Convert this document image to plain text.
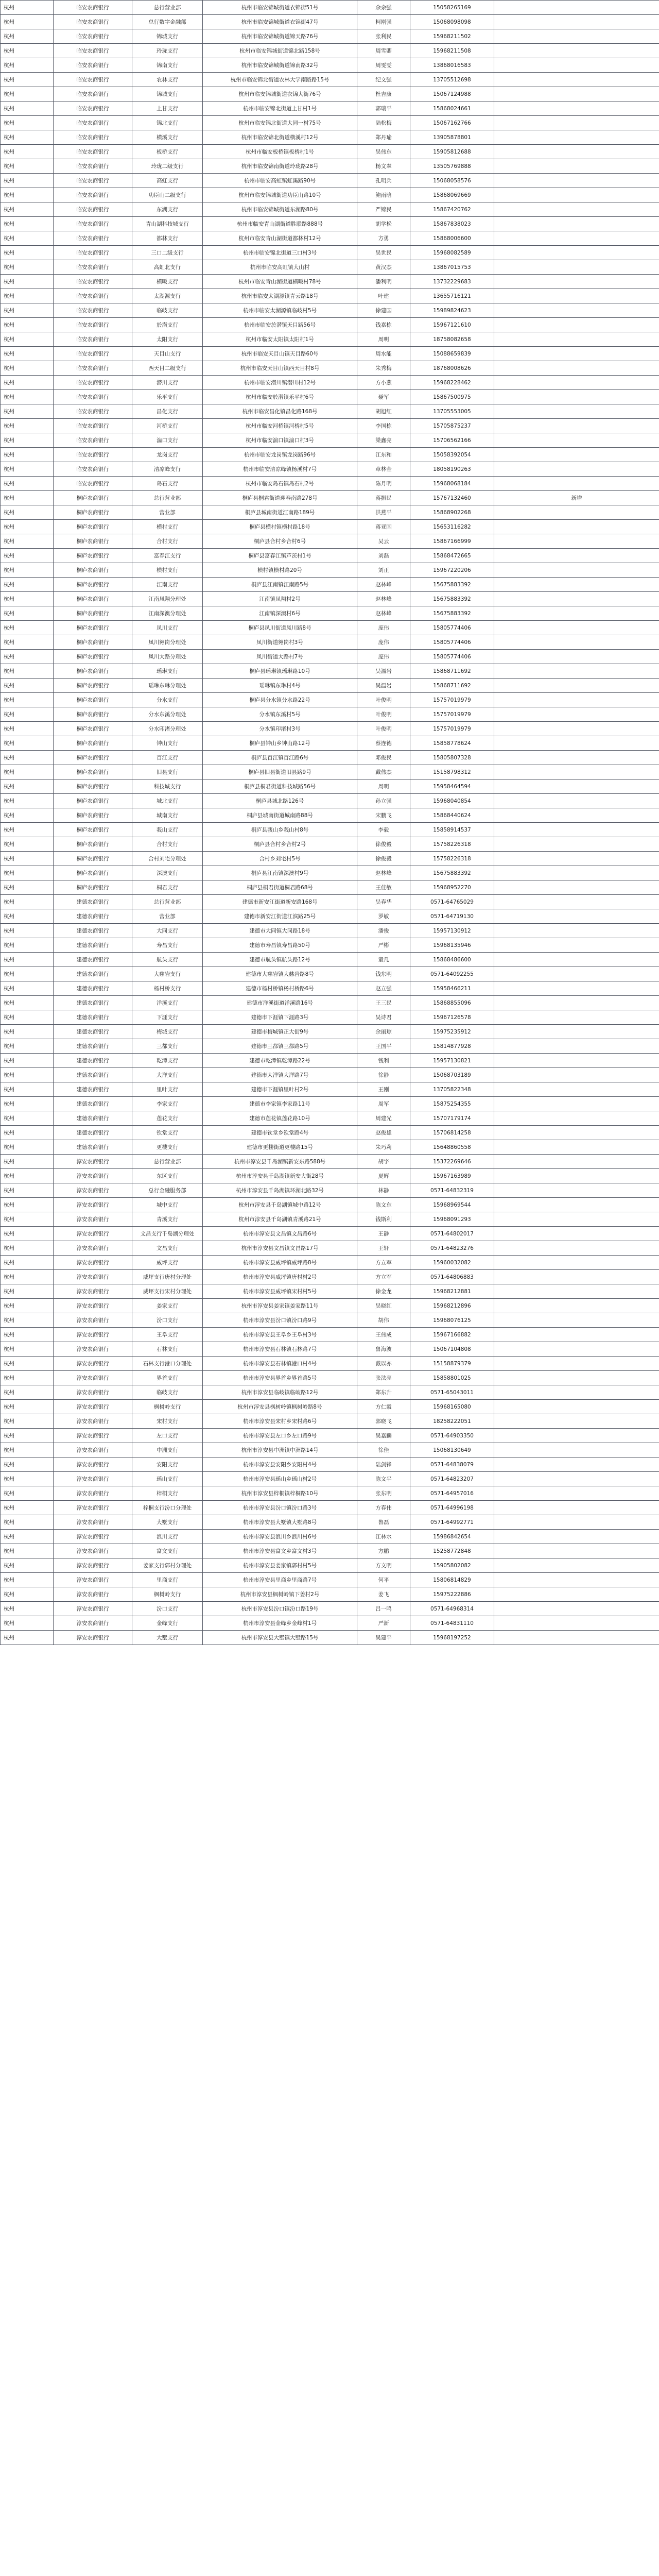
杭州	临安农商银行	总行营业部	杭州市临安锦城街道衣锦街51号	余余强	15058265169	
杭州	临安农商银行	总行数字金融部	杭州市临安锦城街道衣锦街47号	柯刚强	15068098098	
杭州	临安农商银行	锦城支行	杭州市临安锦城街道锦天路76号	张利民	15968211502	
杭州	临安农商银行	玲珑支行	杭州市临安锦城街道锦北路158号	周雪卿	15968211508	
杭州	临安农商银行	锦南支行	杭州市临安锦城街道锦南路32号	周雯雯	13868016583	
杭州	临安农商银行	农林支行	杭州市临安锦北街道农林大学南路路15号	纪文强	13705512698	
杭州	临安农商银行	锦城支行	杭州市临安锦城街道衣锦大街76号	杜吉康	15067124988	
杭州	临安农商银行	上甘支行	杭州市临安锦北街道上甘村1号	郭瑞平	15868024661	
杭州	临安农商银行	锦北支行	杭州市临安锦北街道大同一村75号	陆松梅	15067162766	
杭州	临安农商银行	横溪支行	杭州市临安锦北街道横溪村12号	郑丹瑜	13905878801	
杭州	临安农商银行	板桥支行	杭州市临安板桥镇板桥村1号	吴伟东	15905812688	
杭州	临安农商银行	玲珑二级支行	杭州市临安锦南街道玲珑路28号	杨文翠	13505769888	
杭州	临安农商银行	高虹支行	杭州市临安高虹镇虹溪路90号	孔明兵	15068058576	
杭州	临安农商银行	功臣山二级支行	杭州市临安锦城街道功臣山路10号	鲍雨晗	15868069669	
杭州	临安农商银行	东湖支行	杭州市临安锦城街道东湖路80号	严锦民	15867420762	
杭州	临安农商银行	青山湖科技城支行	杭州市临安青山湖街道胜联路888号	胡学松	15867838023	
杭州	临安农商银行	都林支行	杭州市临安青山湖街道都林村12号	方勇	15868006600	
杭州	临安农商银行	三口二级支行	杭州市临安锦北街道三口村3号	吴世民	15968082589	
杭州	临安农商银行	高虹北支行	杭州市临安高虹镇大山村	黄汉杰	13867015753	
杭州	临安农商银行	横畈支行	杭州市临安青山湖街道横畈村78号	潘利明	13732229683	
杭州	临安农商银行	太湖源支行	杭州市临安太湖源镇青云路18号	叶建	13655716121	
杭州	临安农商银行	临岐支行	杭州市临安太湖源镇临岐村5号	徐建国	15989824623	
杭州	临安农商银行	於潜支行	杭州市临安於潜镇天目路56号	钱嘉栋	15967121610	
杭州	临安农商银行	太阳支行	杭州市临安太阳镇太阳村1号	周明	18758082658	
杭州	临安农商银行	天目山支行	杭州市临安天目山镇天目路60号	周水能	15088659839	
杭州	临安农商银行	西天目二级支行	杭州市临安天目山镇西天目村8号	朱秀梅	18768008626	
杭州	临安农商银行	潜川支行	杭州市临安潜川镇潜川村12号	方小燕	15968228462	
杭州	临安农商银行	乐平支行	杭州市临安於潜镇乐平村6号	聂军	15867500975	
杭州	临安农商银行	昌化支行	杭州市临安昌化镇昌化路168号	胡旭红	13705553005	
杭州	临安农商银行	河桥支行	杭州市临安河桥镇河桥村5号	李国栋	15705875237	
杭州	临安农商银行	湍口支行	杭州市临安湍口镇湍口村3号	梁鑫亮	15706562166	
杭州	临安农商银行	龙岗支行	杭州市临安龙岗镇龙岗路96号	江东和	15058392054	
杭州	临安农商银行	清凉峰支行	杭州市临安清凉峰镇杨溪村7号	章林金	18058190263	
杭州	临安农商银行	岛石支行	杭州市临安岛石镇岛石村2号	陈月明	15968068184	
杭州	桐庐农商银行	总行营业部	桐庐县桐君街道迎春南路278号	蒋振民	15767132460	新增
杭州	桐庐农商银行	营业部	桐庐县城南街道江南路189号	洪燕平	15868902268	
杭州	桐庐农商银行	横村支行	桐庐县横村镇横村路18号	蒋亚国	15653116282	
杭州	桐庐农商银行	合村支行	桐庐县合村乡合村6号	吴云	15867166999	
杭州	桐庐农商银行	富春江支行	桐庐县富春江镇芦茨村1号	刘磊	15868472665	
杭州	桐庐农商银行	横村支行	横村镇横村路20号	刘正	15967220206	
杭州	桐庐农商银行	江南支行	桐庐县江南镇江南路5号	赵林峰	15675883392	
杭州	桐庐农商银行	江南凤翔分理处	江南镇凤翔村2号	赵林峰	15675883392	
杭州	桐庐农商银行	江南深澳分理处	江南镇深澳村6号	赵林峰	15675883392	
杭州	桐庐农商银行	凤川支行	桐庐县凤川街道凤川路8号	庞伟	15805774406	
杭州	桐庐农商银行	凤川翙岗分理处	凤川街道翙岗村3号	庞伟	15805774406	
杭州	桐庐农商银行	凤川大路分理处	凤川街道大路村7号	庞伟	15805774406	
杭州	桐庐农商银行	瑶琳支行	桐庐县瑶琳镇瑶琳路10号	吴温岩	15868711692	
杭州	桐庐农商银行	瑶琳东琳分理处	瑶琳镇东琳村4号	吴温岩	15868711692	
杭州	桐庐农商银行	分水支行	桐庐县分水镇分水路22号	叶俊明	15757019979	
杭州	桐庐农商银行	分水东溪分理处	分水镇东溪村5号	叶俊明	15757019979	
杭州	桐庐农商银行	分水印渚分理处	分水镇印渚村3号	叶俊明	15757019979	
杭州	桐庐农商银行	钟山支行	桐庐县钟山乡钟山路12号	蔡连德	15858778624	
杭州	桐庐农商银行	百江支行	桐庐县百江镇百江路6号	邓俊民	15805807328	
杭州	桐庐农商银行	旧县支行	桐庐县旧县街道旧县路9号	戴伟杰	15158798312	
杭州	桐庐农商银行	科技城支行	桐庐县桐君街道科技城路56号	周明	15958464594	
杭州	桐庐农商银行	城北支行	桐庐县城北路126号	孙立强	15968040854	
杭州	桐庐农商银行	城南支行	桐庐县城南街道城南路88号	宋鹏飞	15868440624	
杭州	桐庐农商银行	莪山支行	桐庐县莪山乡莪山村8号	李毅	15858914537	
杭州	桐庐农商银行	合村支行	桐庐县合村乡合村2号	徐俊毅	15758226318	
杭州	桐庐农商银行	合村刘宅分理处	合村乡刘宅村5号	徐俊毅	15758226318	
杭州	桐庐农商银行	深澳支行	桐庐县江南镇深澳村9号	赵林峰	15675883392	
杭州	桐庐农商银行	桐君支行	桐庐县桐君街道桐君路68号	王佳敏	15968952270	
杭州	建德农商银行	总行营业部	建德市新安江街道新安路168号	吴春华	0571-64765029	
杭州	建德农商银行	营业部	建德市新安江街道江滨路25号	罗敏	0571-64719130	
杭州	建德农商银行	大同支行	建德市大同镇大同路18号	潘俊	15957130912	
杭州	建德农商银行	寿昌支行	建德市寿昌镇寿昌路50号	严彬	15968135946	
杭州	建德农商银行	航头支行	建德市航头镇航头路12号	童几	15868486600	
杭州	建德农商银行	大慈岩支行	建德市大慈岩镇大慈岩路8号	钱东明	0571-64092255	
杭州	建德农商银行	杨村桥支行	建德市杨村桥镇杨村桥路6号	赵立强	15958466211	
杭州	建德农商银行	洋溪支行	建德市洋溪街道洋溪路16号	王三民	15868855096	
杭州	建德农商银行	下涯支行	建德市下涯镇下涯路3号	吴诗君	15967126578	
杭州	建德农商银行	梅城支行	建德市梅城镇正大街9号	余丽琼	15975235912	
杭州	建德农商银行	三都支行	建德市三都镇三都路5号	王国平	15814877928	
杭州	建德农商银行	乾潭支行	建德市乾潭镇乾潭路22号	钱利	15957130821	
杭州	建德农商银行	大洋支行	建德市大洋镇大洋路7号	徐静	15068703189	
杭州	建德农商银行	里叶支行	建德市下涯镇里叶村2号	王刚	13705822348	
杭州	建德农商银行	李家支行	建德市李家镇李家路11号	周军	15875254355	
杭州	建德农商银行	莲花支行	建德市莲花镇莲花路10号	周建光	15707179174	
杭州	建德农商银行	钦堂支行	建德市钦堂乡钦堂路4号	赵俊雄	15706814258	
杭州	建德农商银行	更楼支行	建德市更楼街道更楼路15号	朱巧莉	15648860558	
杭州	淳安农商银行	总行营业部	杭州市淳安县千岛湖镇新安东路588号	胡宇	15372269646	
杭州	淳安农商银行	东区支行	杭州市淳安县千岛湖镇新安大街28号	夏辉	15967163989	
杭州	淳安农商银行	总行金融服务部	杭州市淳安县千岛湖镇环湖北路32号	林静	0571-64832319	
杭州	淳安农商银行	城中支行	杭州市淳安县千岛湖镇城中路12号	陈文东	15968969544	
杭州	淳安农商银行	青溪支行	杭州市淳安县千岛湖镇青溪路21号	钱斯利	15968091293	
杭州	淳安农商银行	文昌支行千岛湖分理处	杭州市淳安县文昌镇文昌路6号	王静	0571-64802017	
杭州	淳安农商银行	文昌支行	杭州市淳安县文昌镇文昌路17号	王轩	0571-64823276	
杭州	淳安农商银行	威坪支行	杭州市淳安县威坪镇威坪路8号	方立军	15960032082	
杭州	淳安农商银行	威坪支行唐村分理处	杭州市淳安县威坪镇唐村村2号	方立军	0571-64806883	
杭州	淳安农商银行	威坪支行宋村分理处	杭州市淳安县威坪镇宋村村5号	徐金龙	15968212881	
杭州	淳安农商银行	姜家支行	杭州市淳安县姜家镇姜家路11号	吴晓红	15968212896	
杭州	淳安农商银行	汾口支行	杭州市淳安县汾口镇汾口路9号	胡伟	15968076125	
杭州	淳安农商银行	王阜支行	杭州市淳安县王阜乡王阜村3号	王伟成	15967166882	
杭州	淳安农商银行	石林支行	杭州市淳安县石林镇石林路7号	鲁海波	15067104808	
杭州	淳安农商银行	石林支行港口分理处	杭州市淳安县石林镇港口村4号	戴以亦	15158879379	
杭州	淳安农商银行	界首支行	杭州市淳安县界首乡界首路5号	张法亮	15858801025	
杭州	淳安农商银行	临岐支行	杭州市淳安县临岐镇临岐路12号	郑东升	0571-65043011	
杭州	淳安农商银行	枫树岭支行	杭州市淳安县枫树岭镇枫树岭路8号	方仁霞	15968165080	
杭州	淳安农商银行	宋村支行	杭州市淳安县宋村乡宋村路6号	郭晓飞	18258222051	
杭州	淳安农商银行	左口支行	杭州市淳安县左口乡左口路9号	吴嘉麟	0571-64903350	
杭州	淳安农商银行	中洲支行	杭州市淳安县中洲镇中洲路14号	徐佳	15068130649	
杭州	淳安农商银行	安阳支行	杭州市淳安县安阳乡安阳村4号	陆剑锋	0571-64838079	
杭州	淳安农商银行	瑶山支行	杭州市淳安县瑶山乡瑶山村2号	陈文平	0571-64823207	
杭州	淳安农商银行	梓桐支行	杭州市淳安县梓桐镇梓桐路10号	张东明	0571-64957016	
杭州	淳安农商银行	梓桐支行汾口分理处	杭州市淳安县汾口镇汾口路3号	方春伟	0571-64996198	
杭州	淳安农商银行	大墅支行	杭州市淳安县大墅镇大墅路8号	鲁磊	0571-64992771	
杭州	淳安农商银行	浪川支行	杭州市淳安县浪川乡浪川村6号	江林水	15986842654	
杭州	淳安农商银行	富文支行	杭州市淳安县富文乡富文村3号	方鹏	15258772848	
杭州	淳安农商银行	姜家支行郭村分理处	杭州市淳安县姜家镇郭村村5号	方文明	15905802082	
杭州	淳安农商银行	里商支行	杭州市淳安县里商乡里商路7号	何平	15806814829	
杭州	淳安农商银行	枫树岭支行	杭州市淳安县枫树岭镇下姜村2号	姜飞	15975222886	
杭州	淳安农商银行	汾口支行	杭州市淳安县汾口镇汾口路19号	吕一鸣	0571-64968314	
杭州	淳安农商银行	金峰支行	杭州市淳安县金峰乡金峰村1号	严新	0571-64831110	
杭州	淳安农商银行	大墅支行	杭州市淳安县大墅镇大墅路15号	吴建平	15968197252	
